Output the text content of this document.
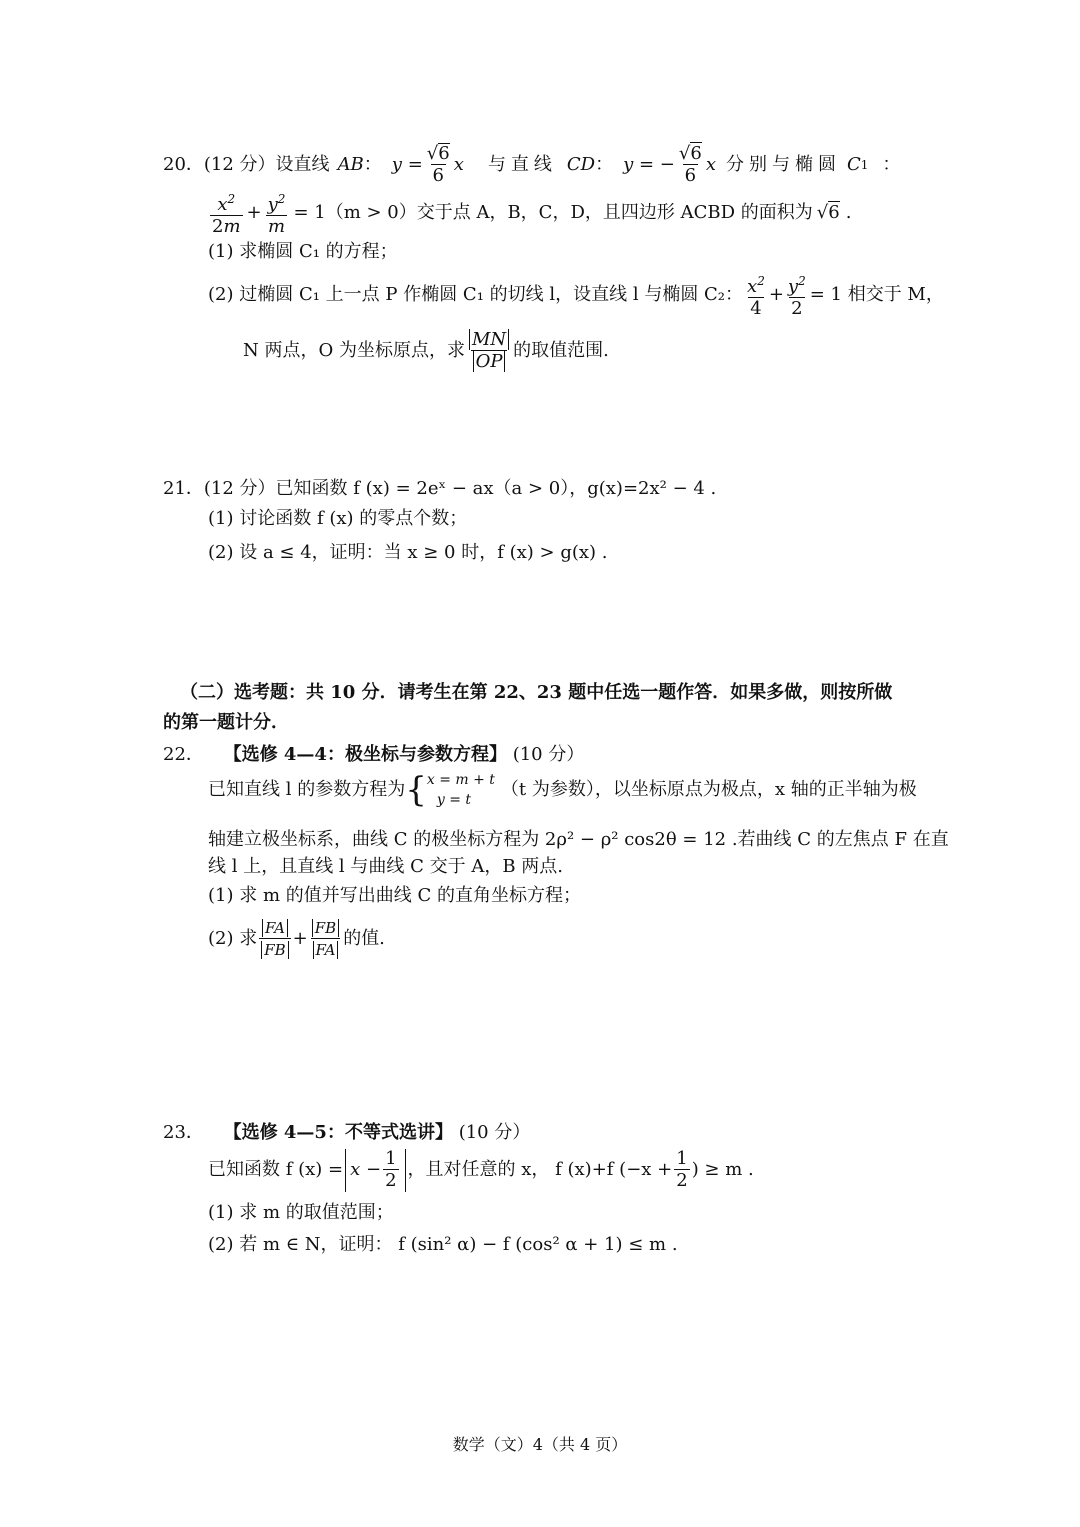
20．(12 分）设直线 AB ： $y = \frac{√6}{6}$ x 与直线 CD ： y = − $\frac{√6}{6}$ x 分别与椭圆 C 1 ：
$\frac{x^2}{2m} + \frac{y^2}{m} = 1(m > 0)$交于点 A，B，C，D，且四边形 ACBD 的面积为 √6 .
(1) 求椭圆 C₁ 的方程；
(2) 过椭圆 C₁ 上一点 P 作椭圆 C₁ 的切线 l，设直线 l 与椭圆 C₂： $\frac{x^2}{4} + \frac{y^2}{2} = 1$ 相交于 M，
N 两点，O 为坐标原点，求 $\frac{MN}{OP}$ 的取值范围.
21．(12 分）已知函数 f (x) = 2eˣ − ax（a > 0），g(x)=2x² − 4 .
(1) 讨论函数 f (x) 的零点个数；
(2) 设 a ≤ 4，证明：当 x ≥ 0 时，f (x) > g(x) .
（二）选考题：共 10 分．请考生在第 22、23 题中任选一题作答．如果多做，则按所做
的第一题计分．
22． 【选修 4—4：极坐标与参数方程】 (10 分）
已知直线 l 的参数方程为 { x = m + t
y = t	（t 为参数），以坐标原点为极点，x 轴的正半轴为极
轴建立极坐标系，曲线 C 的极坐标方程为 2ρ² − ρ² cos2θ = 12 .若曲线 C 的左焦点 F 在直
线 l 上，且直线 l 与曲线 C 交于 A，B 两点.
(1) 求 m 的值并写出曲线 C 的直角坐标方程；
(2) 求 $\frac{FA}{FB} + \frac{FB}{FA}$ 的值.
23． 【选修 4—5：不等式选讲】 (10 分）
已知函数 f $(x) = x - \frac{1}{2}$ ，且对任意的 x， f (x)+f ($-x + \frac{1}{2}$ ) ≥ m .
(1) 求 m 的取值范围；
(2) 若 m ∈ N，证明： f (sin² α) − f (cos² α + 1) ≤ m .
数学（文）4（共 4 页）
